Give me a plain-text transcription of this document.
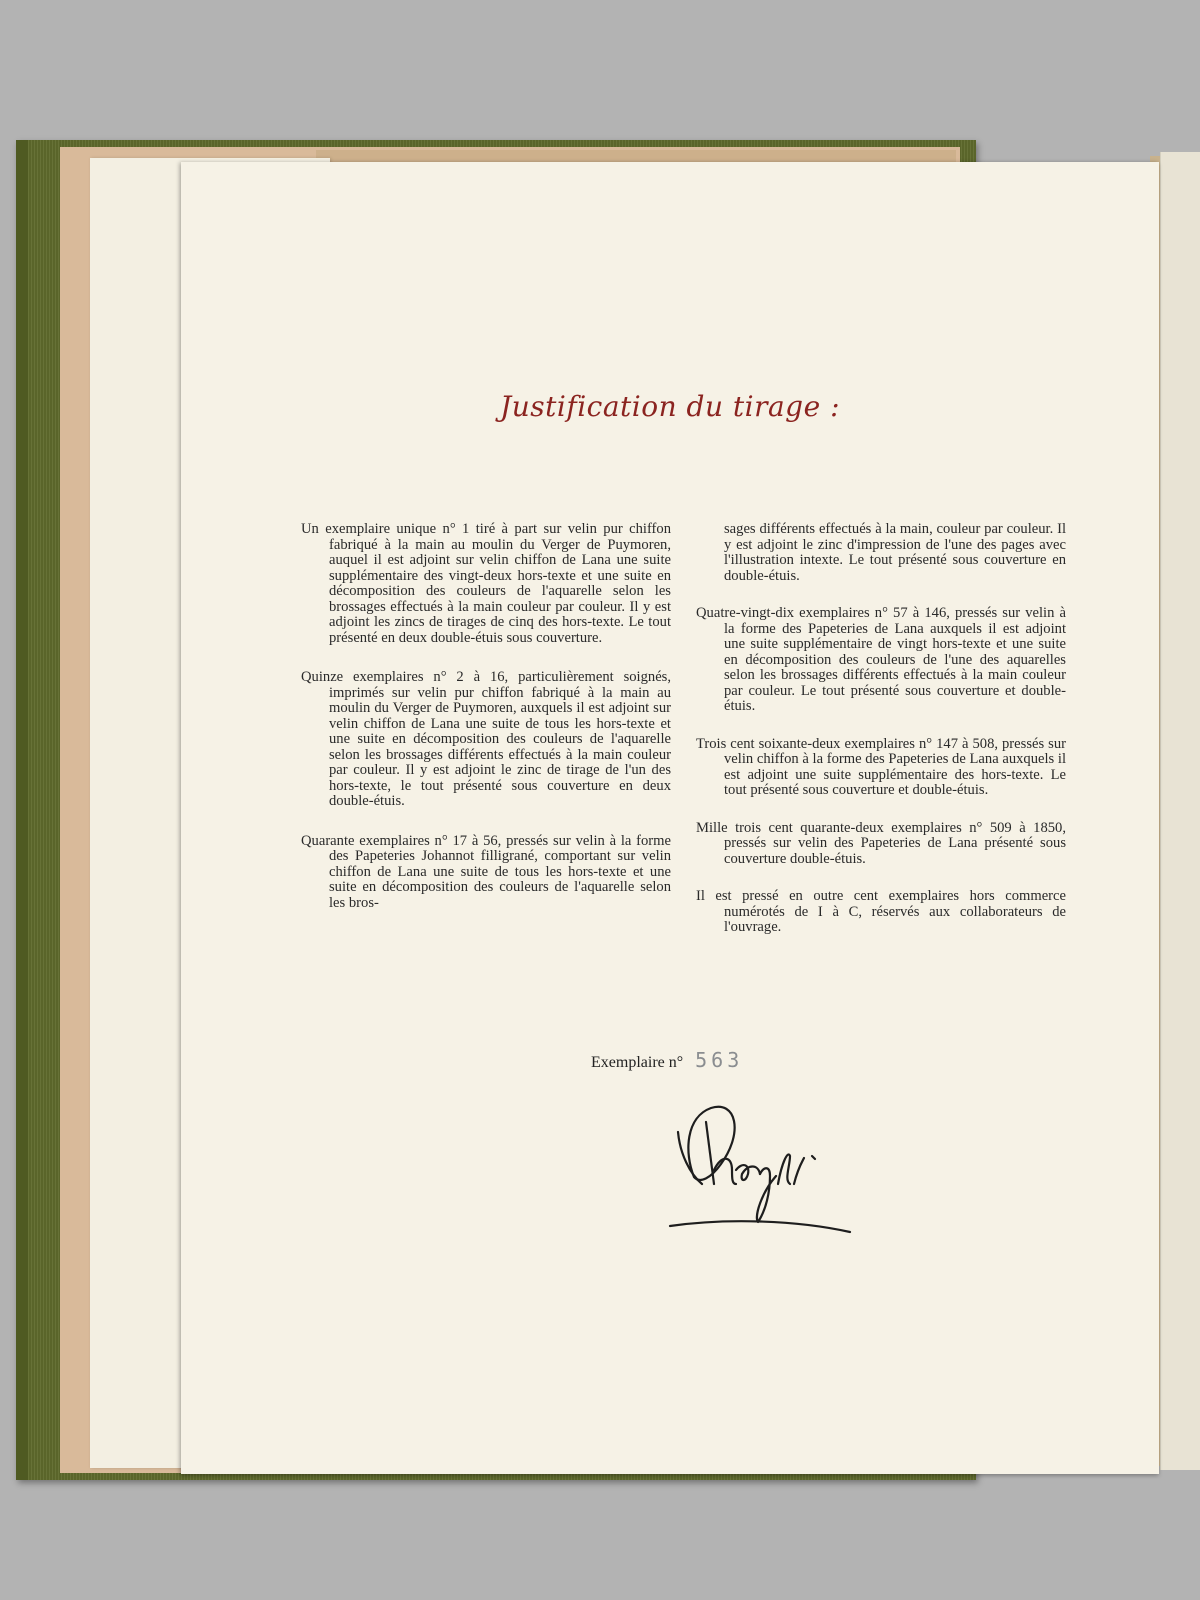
Justification du tirage :

Un exemplaire unique n° 1 tiré à part sur velin pur chiffon fabriqué à la main au moulin du Verger de Puymoren, auquel il est adjoint sur velin chiffon de Lana une suite supplémentaire des vingt-deux hors-texte et une suite en décomposition des couleurs de l'aquarelle selon les brossages effectués à la main couleur par couleur. Il y est adjoint les zincs de tirages de cinq des hors-texte. Le tout présenté en deux double-étuis sous couverture.

Quinze exemplaires n° 2 à 16, particulièrement soignés, imprimés sur velin pur chiffon fabriqué à la main au moulin du Verger de Puymoren, auxquels il est adjoint sur velin chiffon de Lana une suite de tous les hors-texte et une suite en décomposition des couleurs de l'aquarelle selon les brossages différents effectués à la main couleur par couleur. Il y est adjoint le zinc de tirage de l'un des hors-texte, le tout présenté sous couverture en deux double-étuis.

Quarante exemplaires n° 17 à 56, pressés sur velin à la forme des Papeteries Johannot filligrané, comportant sur velin chiffon de Lana une suite de tous les hors-texte et une suite en décomposition des couleurs de l'aquarelle selon les bros-

sages différents effectués à la main, couleur par couleur. Il y est adjoint le zinc d'impression de l'une des pages avec l'illustration intexte. Le tout présenté sous couverture en double-étuis.

Quatre-vingt-dix exemplaires n° 57 à 146, pressés sur velin à la forme des Papeteries de Lana auxquels il est adjoint une suite supplémentaire de vingt hors-texte et une suite en décomposition des couleurs de l'une des aquarelles selon les brossages différents effectués à la main couleur par couleur. Le tout présenté sous couverture et double-étuis.

Trois cent soixante-deux exemplaires n° 147 à 508, pressés sur velin chiffon à la forme des Papeteries de Lana auxquels il est adjoint une suite supplémentaire des hors-texte. Le tout présenté sous couverture et double-étuis.

Mille trois cent quarante-deux exemplaires n° 509 à 1850, pressés sur velin des Papeteries de Lana présenté sous couverture double-étuis.

Il est pressé en outre cent exemplaires hors commerce numérotés de I à C, réservés aux collaborateurs de l'ouvrage.

Exemplaire n° 563
